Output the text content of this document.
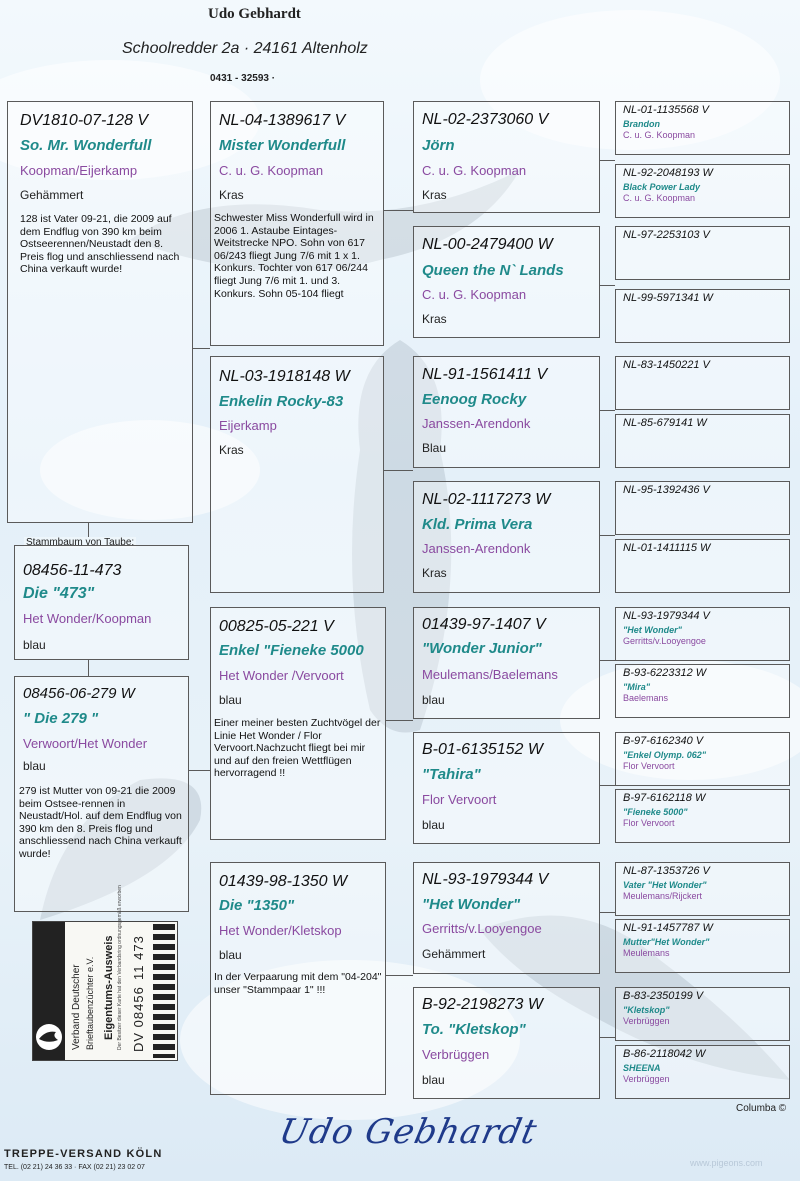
Udo Gebhardt
Schoolredder 2a · 24161 Altenholz
0431 - 32593 ·
DV1810-07-128 V
So. Mr. Wonderfull
Koopman/Eijerkamp
Gehämmert
128 ist Vater 09-21, die 2009 auf dem Endflug von 390 km beim Ostseerennen/Neustadt den 8. Preis flog und anschliessend nach China verkauft wurde!
Stammbaum von Taube:
08456-11-473
Die "473"
Het Wonder/Koopman
blau
08456-06-279 W
" Die 279 "
Verwoort/Het Wonder
blau
279 ist Mutter von 09-21 die 2009 beim Ostsee-rennen in Neustadt/Hol. auf dem Endflug von 390 km den 8. Preis flog und anschliessend nach China verkauft wurde!
NL-04-1389617 V
Mister Wonderfull
C. u. G. Koopman
Kras
Schwester Miss Wonderfull wird in 2006 1. Astaube Eintages- Weitstrecke NPO. Sohn von 617 06/243 fliegt Jung 7/6 mit 1 x 1. Konkurs. Tochter von 617 06/244 fliegt Jung 7/6 mit 1. und 3. Konkurs. Sohn 05-104 fliegt
NL-03-1918148 W
Enkelin Rocky-83
Eijerkamp
Kras
00825-05-221 V
Enkel "Fieneke 5000
Het Wonder /Vervoort
blau
Einer meiner besten Zuchtvögel der Linie Het Wonder / Flor Vervoort.Nachzucht fliegt bei mir und auf den freien Wettflügen hervorragend !!
01439-98-1350 W
Die "1350"
Het Wonder/Kletskop
blau
In der Verpaarung mit dem "04-204" unser "Stammpaar 1" !!!
NL-02-2373060 V
Jörn
C. u. G. Koopman
Kras
NL-00-2479400 W
Queen the N` Lands
C. u. G. Koopman
Kras
NL-91-1561411 V
Eenoog Rocky
Janssen-Arendonk
Blau
NL-02-1117273 W
Kld. Prima Vera
Janssen-Arendonk
Kras
01439-97-1407 V
"Wonder Junior"
Meulemans/Baelemans
blau
B-01-6135152 W
"Tahira"
Flor Vervoort
blau
NL-93-1979344 V
"Het Wonder"
Gerritts/v.Looyengoe
Gehämmert
B-92-2198273 W
To. "Kletskop"
Verbrüggen
blau
NL-01-1135568 V
Brandon
C. u. G. Koopman
NL-92-2048193 W
Black Power Lady
C. u. G. Koopman
NL-97-2253103 V
NL-99-5971341 W
NL-83-1450221 V
NL-85-679141 W
NL-95-1392436 V
NL-01-1411115 W
NL-93-1979344 V
"Het Wonder"
Gerritts/v.Looyengoe
B-93-6223312 W
"Mira"
Baelemans
B-97-6162340 V
"Enkel Olymp. 062"
Flor Vervoort
B-97-6162118 W
"Fieneke 5000"
Flor Vervoort
NL-87-1353726 V
Vater "Het Wonder"
Meulemans/Rijckert
NL-91-1457787 W
Mutter"Het Wonder"
Meulemans
B-83-2350199 V
"Kletskop"
Verbrüggen
B-86-2118042 W
SHEENA
Verbrüggen
Udo Gebhardt
Columba ©
www.pigeons.com
Verband Deutscher Brieftaubenzüchter e.V. Eigentums-Ausweis Der Besitzer dieser Karte hat den Verbandsring ordnungsgemäß erworben DV 08456
11 473
TREPPE-VERSAND KÖLN
TEL. (02 21) 24 36 33 · FAX (02 21) 23 02 07
